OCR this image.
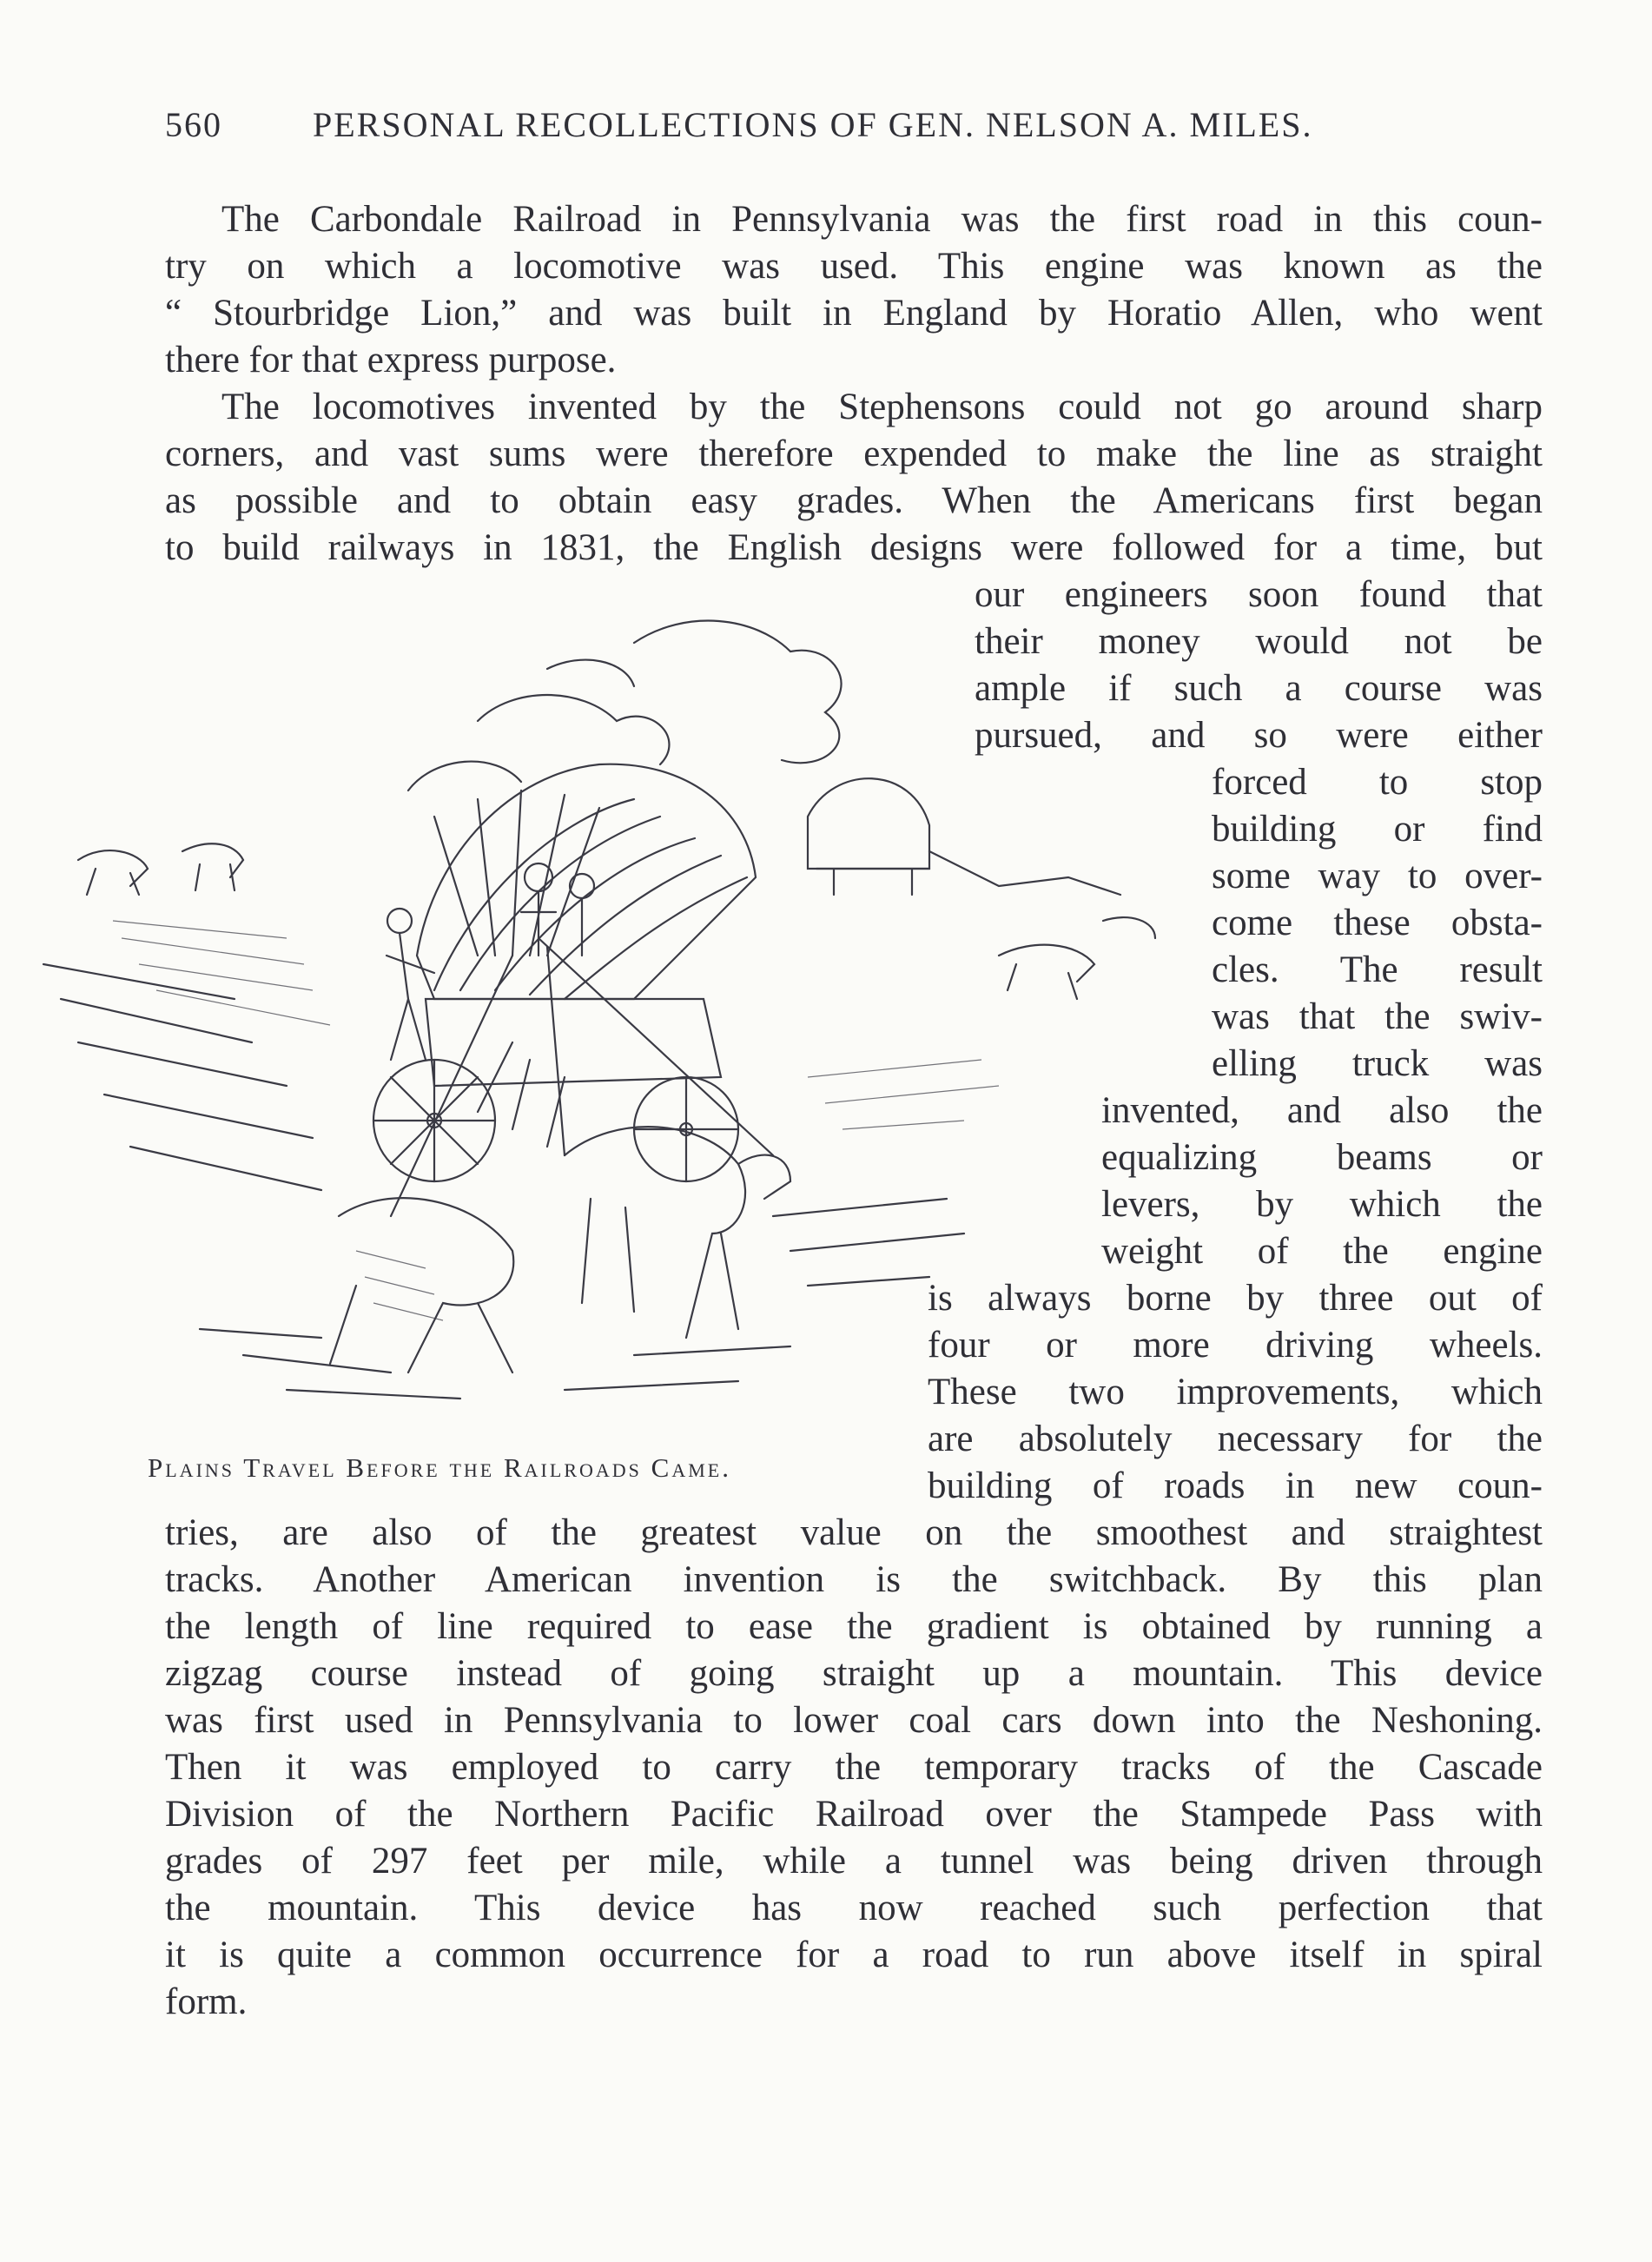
560	PERSONAL RECOLLECTIONS OF GEN. NELSON A. MILES.
The Carbondale Railroad in Pennsylvania was the first road in this coun-
try on which a locomotive was used. This engine was known as the
“ Stourbridge Lion,” and was built in England by Horatio Allen, who went
there for that express purpose.
The locomotives invented by the Stephensons could not go around sharp
corners, and vast sums were therefore expended to make the line as straight
as possible and to obtain easy grades. When the Americans first began
to build railways in 1831, the English designs were followed for a time, but
our engineers soon found that
their money would not be
ample if such a course was
pursued, and so were either
forced to stop
building or find
some way to over-
come these obsta-
cles. The result
was that the swiv-
elling truck was
invented, and also the
equalizing beams or
levers, by which the
weight of the engine
is always borne by three out of
four or more driving wheels.
These two improvements, which
are absolutely necessary for the
building of roads in new coun-
tries, are also of the greatest value on the smoothest and straightest
tracks. Another American invention is the switchback. By this plan
the length of line required to ease the gradient is obtained by running a
zigzag course instead of going straight up a mountain. This device
was first used in Pennsylvania to lower coal cars down into the Neshoning.
Then it was employed to carry the temporary tracks of the Cascade
Division of the Northern Pacific Railroad over the Stampede Pass with
grades of 297 feet per mile, while a tunnel was being driven through
the mountain. This device has now reached such perfection that
it is quite a common occurrence for a road to run above itself in spiral
form.
Plains Travel Before the Railroads Came.
